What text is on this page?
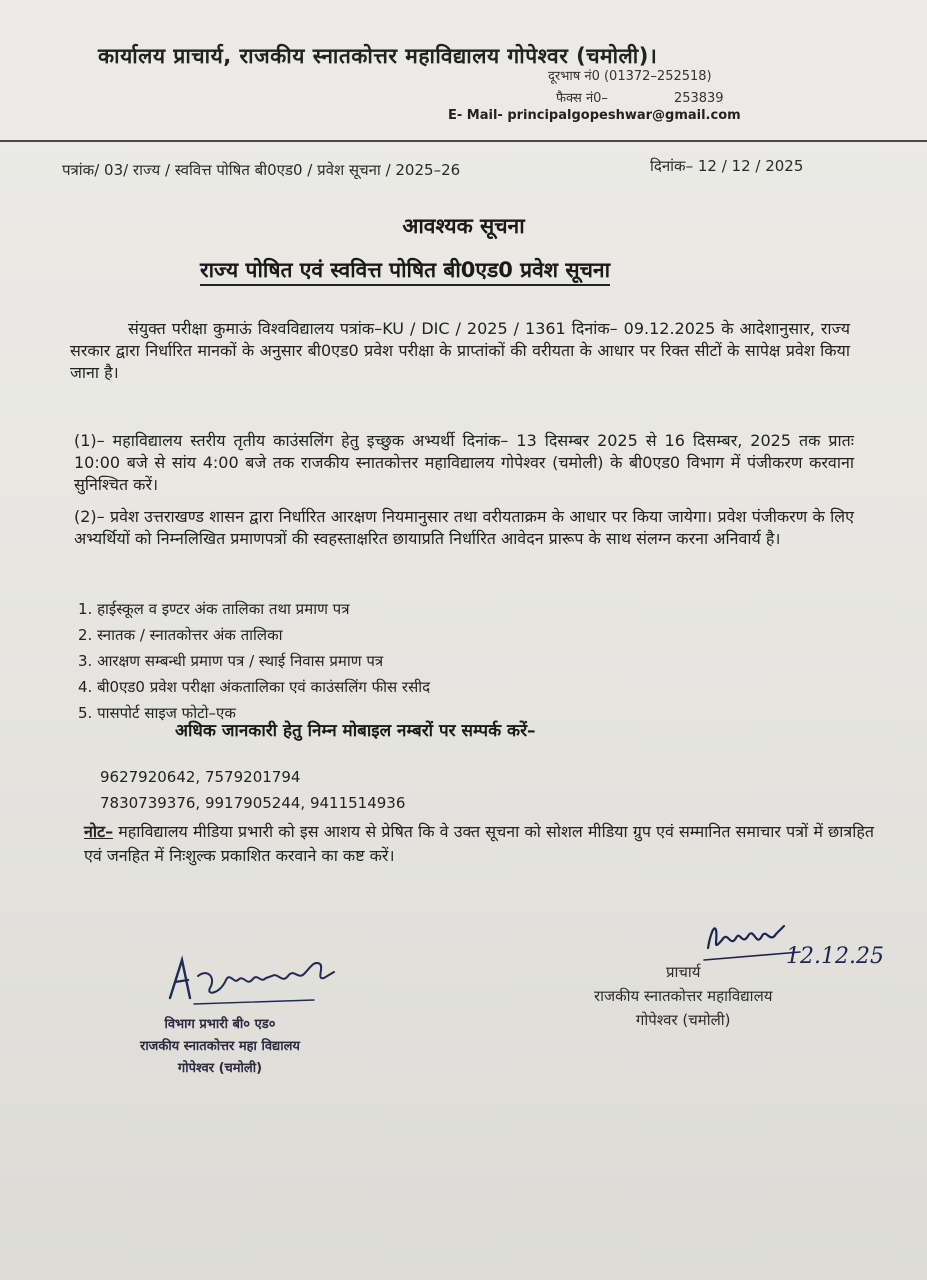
कार्यालय प्राचार्य, राजकीय स्नातकोत्तर महाविद्यालय गोपेश्वर (चमोली)।
दूरभाष नं0 (01372–252518)
फैक्स नं0–	253839
E- Mail- principalgopeshwar@gmail.com
पत्रांक/ 03/ राज्य / स्ववित्त पोषित बी0एड0 / प्रवेश सूचना / 2025–26	दिनांक– 12 / 12 / 2025
आवश्यक सूचना
राज्य पोषित एवं स्ववित्त पोषित बी0एड0 प्रवेश सूचना
संयुक्त परीक्षा कुमाऊं विश्वविद्यालय पत्रांक–KU / DIC / 2025 / 1361 दिनांक– 09.12.2025 के आदेशानुसार, राज्य सरकार द्वारा निर्धारित मानकों के अनुसार बी0एड0 प्रवेश परीक्षा के प्राप्तांकों की वरीयता के आधार पर रिक्त सीटों के सापेक्ष प्रवेश किया जाना है।
(1)– महाविद्यालय स्तरीय तृतीय काउंसलिंग हेतु इच्छुक अभ्यर्थी दिनांक– 13 दिसम्बर 2025 से 16 दिसम्बर, 2025 तक प्रातः 10:00 बजे से सांय 4:00 बजे तक राजकीय स्नातकोत्तर महाविद्यालय गोपेश्वर (चमोली) के बी0एड0 विभाग में पंजीकरण करवाना सुनिश्चित करें।
(2)– प्रवेश उत्तराखण्ड शासन द्वारा निर्धारित आरक्षण नियमानुसार तथा वरीयताक्रम के आधार पर किया जायेगा। प्रवेश पंजीकरण के लिए अभ्यर्थियों को निम्नलिखित प्रमाणपत्रों की स्वहस्ताक्षरित छायाप्रति निर्धारित आवेदन प्रारूप के साथ संलग्न करना अनिवार्य है।
1. हाईस्कूल व इण्टर अंक तालिका तथा प्रमाण पत्र
2. स्नातक / स्नातकोत्तर अंक तालिका
3. आरक्षण सम्बन्धी प्रमाण पत्र / स्थाई निवास प्रमाण पत्र
4. बी0एड0 प्रवेश परीक्षा अंकतालिका एवं काउंसलिंग फीस रसीद
5. पासपोर्ट साइज फोटो–एक
अधिक जानकारी हेतु निम्न मोबाइल नम्बरों पर सम्पर्क करें–
9627920642, 7579201794
7830739376, 9917905244, 9411514936
नोट– महाविद्यालय मीडिया प्रभारी को इस आशय से प्रेषित कि वे उक्त सूचना को सोशल मीडिया ग्रुप एवं सम्मानित समाचार पत्रों में छात्रहित एवं जनहित में निःशुल्क प्रकाशित करवाने का कष्ट करें।
विभाग प्रभारी बी० एड०
राजकीय स्नातकोत्तर महा विद्यालय
गोपेश्वर (चमोली)
12.12.25
प्राचार्य
राजकीय स्नातकोत्तर महाविद्यालय
गोपेश्वर (चमोली)
